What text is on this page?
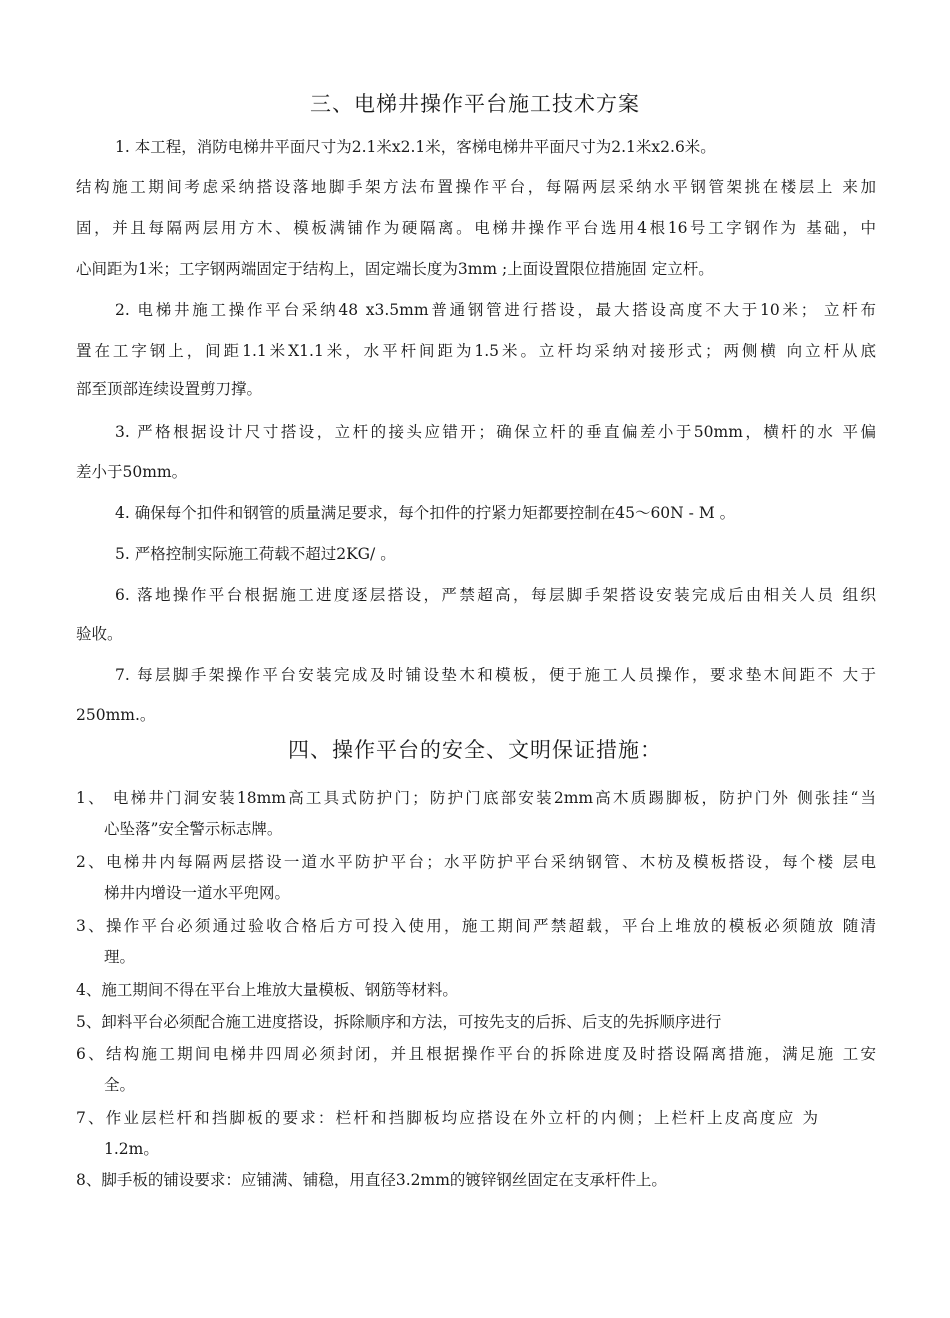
三、电梯井操作平台施工技术方案
1. 本工程，消防电梯井平面尺寸为2.1米x2.1米，客梯电梯井平面尺寸为2.1米x2.6米。
结构施工期间考虑采纳搭设落地脚手架方法布置操作平台，每隔两层采纳水平钢管架挑在楼层上 来加
固，并且每隔两层用方木、模板满铺作为硬隔离。电梯井操作平台选用4根16号工字钢作为 基础，中
心间距为1米；工字钢两端固定于结构上，固定端长度为3mm ;上面设置限位措施固 定立杆。
2. 电梯井施工操作平台采纳48 x3.5mm普通钢管进行搭设，最大搭设高度不大于10米； 立杆布
置在工字钢上，间距1.1米X1.1米，水平杆间距为1.5米。立杆均采纳对接形式；两侧横 向立杆从底
部至顶部连续设置剪刀撑。
3. 严格根据设计尺寸搭设，立杆的接头应错开；确保立杆的垂直偏差小于50mm，横杆的水 平偏
差小于50mm。
4. 确保每个扣件和钢管的质量满足要求，每个扣件的拧紧力矩都要控制在45〜60N - M 。
5. 严格控制实际施工荷载不超过2KG/ 。
6. 落地操作平台根据施工进度逐层搭设，严禁超高，每层脚手架搭设安装完成后由相关人员 组织
验收。
7. 每层脚手架操作平台安装完成及时铺设垫木和模板，便于施工人员操作，要求垫木间距不 大于
250mm.。
四、操作平台的安全、文明保证措施：
1、 电梯井门洞安装18mm高工具式防护门；防护门底部安装2mm高木质踢脚板，防护门外 侧张挂“当
心坠落”安全警示标志牌。
2、电梯井内每隔两层搭设一道水平防护平台；水平防护平台采纳钢管、木枋及模板搭设，每个楼 层电
梯井内增设一道水平兜网。
3、操作平台必须通过验收合格后方可投入使用，施工期间严禁超载，平台上堆放的模板必须随放 随清
理。
4、施工期间不得在平台上堆放大量模板、钢筋等材料。
5、卸料平台必须配合施工进度搭设，拆除顺序和方法，可按先支的后拆、后支的先拆顺序进行
6、结构施工期间电梯井四周必须封闭，并且根据操作平台的拆除进度及时搭设隔离措施，满足施 工安
全。
7、作业层栏杆和挡脚板的要求：栏杆和挡脚板均应搭设在外立杆的内侧；上栏杆上皮高度应 为
1.2m。
8、脚手板的铺设要求：应铺满、铺稳，用直径3.2mm的镀锌钢丝固定在支承杆件上。
